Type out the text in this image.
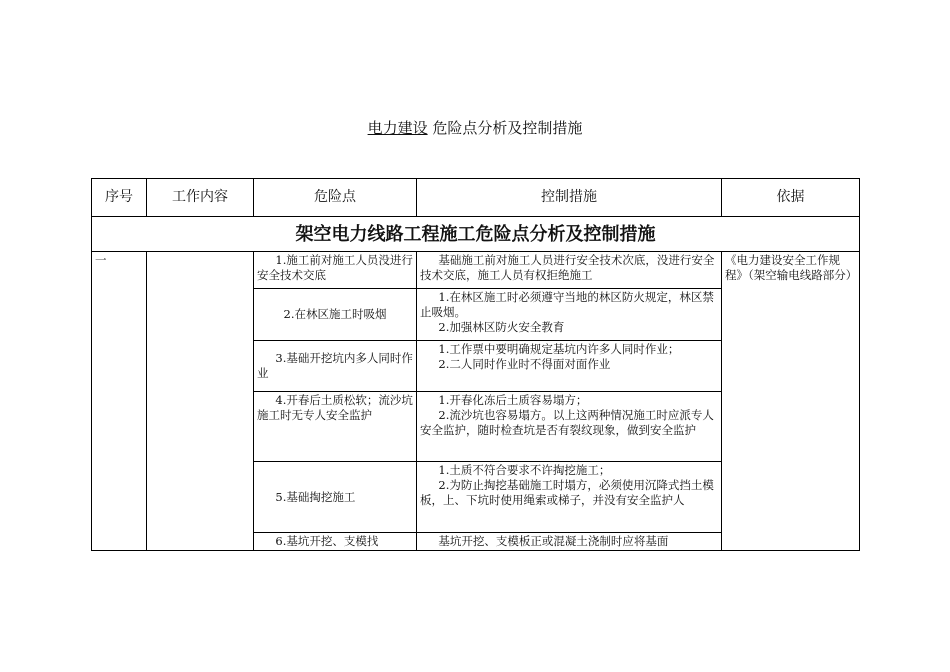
电力建设 危险点分析及控制措施
序号	工作内容	危险点	控制措施	依据
架空电力线路工程施工危险点分析及控制措施				
一		1.施工前对施工人员没进行安全技术交底	基础施工前对施工人员进行安全技术次底，没进行安全技术交底，施工人员有权拒绝施工	《电力建设安全工作规程》（架空输电线路部分）
		2.在林区施工时吸烟	1.在林区施工时必须遵守当地的林区防火规定，林区禁止吸烟。
2.加强林区防火安全教育	

		3.基础开挖坑内多人同时作业	1.工作票中要明确规定基坑内许多人同时作业；
2.二人同时作业时不得面对面作业	

		4.开春后土质松软；流沙坑施工时无专人安全监护	1.开春化冻后土质容易塌方；
2.流沙坑也容易塌方。以上这两种情况施工时应派专人安全监护，随时检查坑是否有裂纹现象，做到安全监护	

		5.基础掏挖施工	1.土质不符合要求不许掏挖施工；
2.为防止掏挖基础施工时塌方，必须使用沉降式挡土模板，上、下坑时使用绳索或梯子，并没有安全监护人	

		6.基坑开挖、支模找	基坑开挖、支模板正或混凝土浇制时应将基面	
